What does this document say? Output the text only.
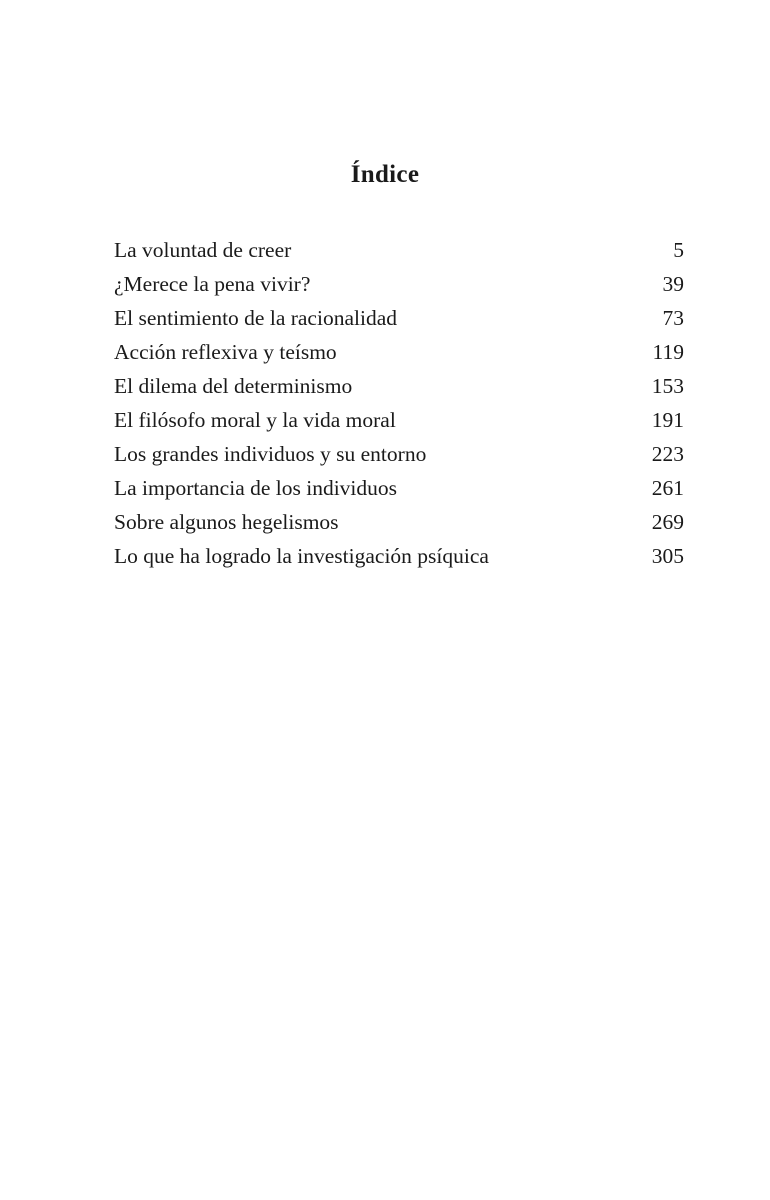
Índice
La voluntad de creer	5
¿Merece la pena vivir?	39
El sentimiento de la racionalidad	73
Acción reflexiva y teísmo	119
El dilema del determinismo	153
El filósofo moral y la vida moral	191
Los grandes individuos y su entorno	223
La importancia de los individuos	261
Sobre algunos hegelismos	269
Lo que ha logrado la investigación psíquica	305
